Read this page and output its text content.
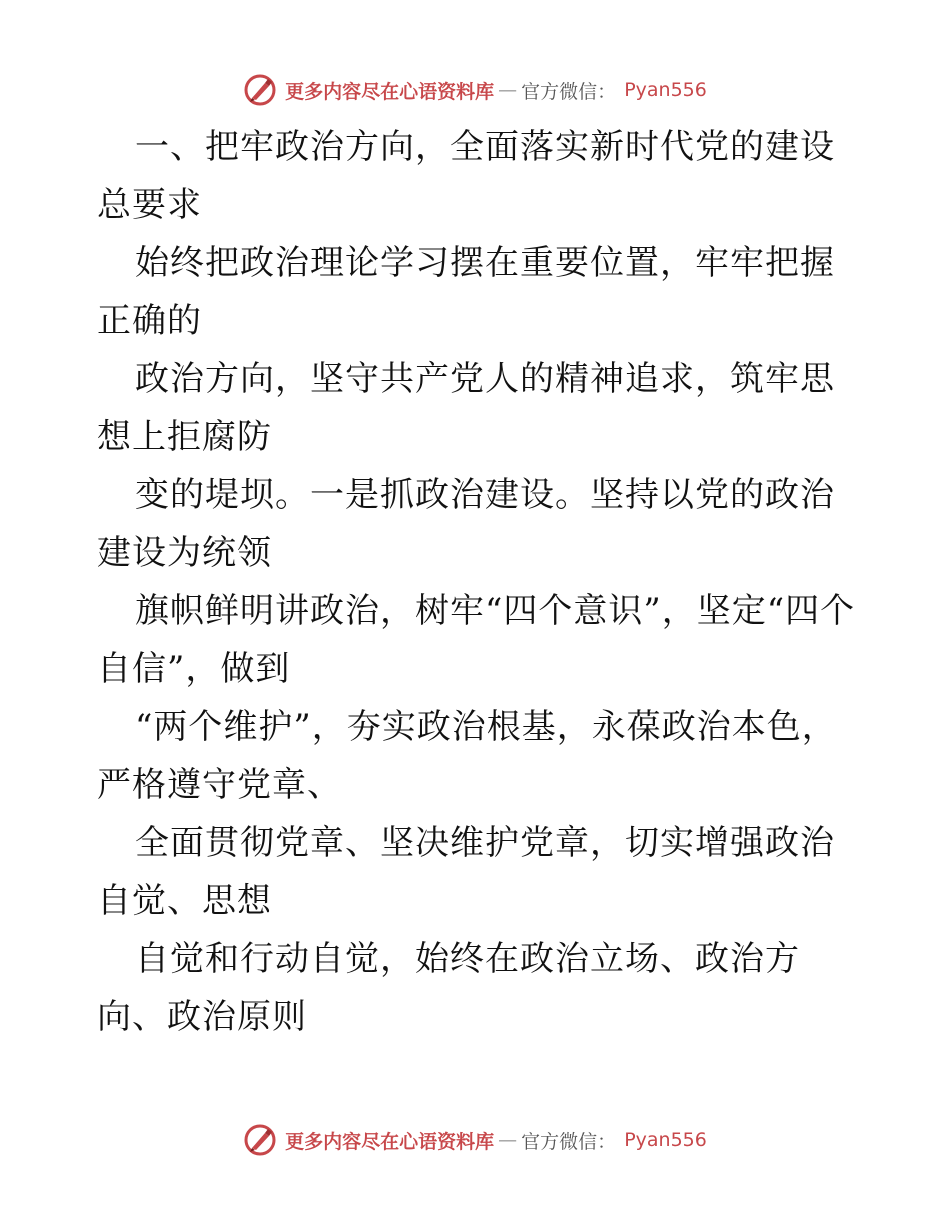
更多内容尽在心语资料库 — 官方微信： Pyan556

一、把牢政治方向，全面落实新时代党的建设总要求

始终把政治理论学习摆在重要位置，牢牢把握正确的

政治方向，坚守共产党人的精神追求，筑牢思想上拒腐防

变的堤坝。一是抓政治建设。坚持以党的政治建设为统领

旗帜鲜明讲政治，树牢“四个意识”，坚定“四个自信”，做到

“两个维护”，夯实政治根基，永葆政治本色，严格遵守党章、

全面贯彻党章、坚决维护党章，切实增强政治自觉、思想

自觉和行动自觉，始终在政治立场、政治方向、政治原则

更多内容尽在心语资料库 — 官方微信： Pyan556
